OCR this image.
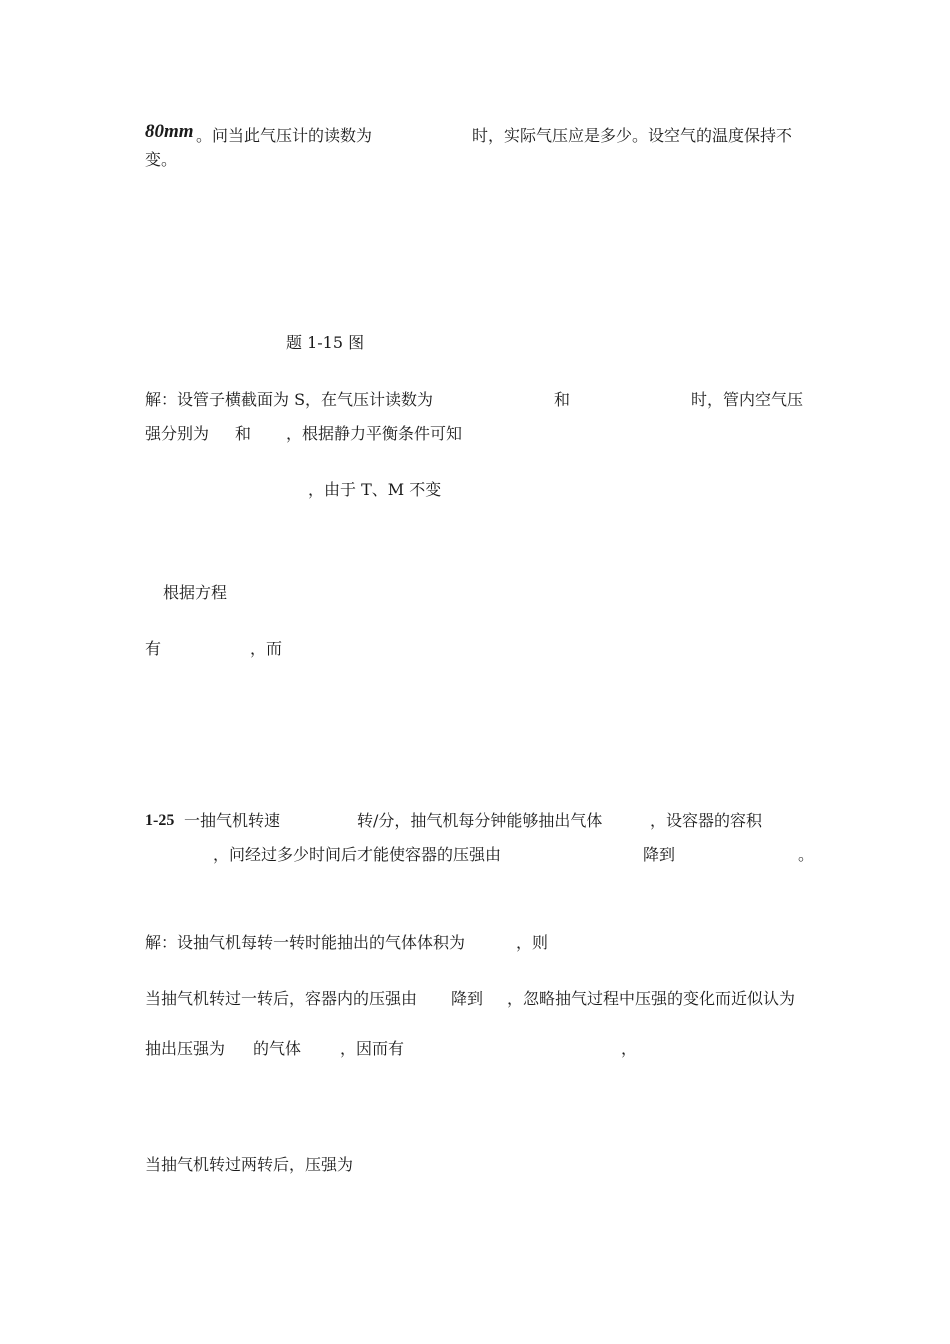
80mm 。问当此气压计的读数为	时，实际气压应是多少。设空气的温度保持不
变。
题 1-15 图
解：设管子横截面为 S，在气压计读数为	和	时，管内空气压
强分别为 和 ，根据静力平衡条件可知
，由于 T、M 不变
根据方程
有	，而
1-25 一抽气机转速	转/分，抽气机每分钟能够抽出气体	，设容器的容积
，问经过多少时间后才能使容器的压强由	降到	。
解：设抽气机每转一转时能抽出的气体体积为	，则
当抽气机转过一转后，容器内的压强由 降到 ，忽略抽气过程中压强的变化而近似认为
抽出压强为 的气体 ，因而有	，
当抽气机转过两转后，压强为
